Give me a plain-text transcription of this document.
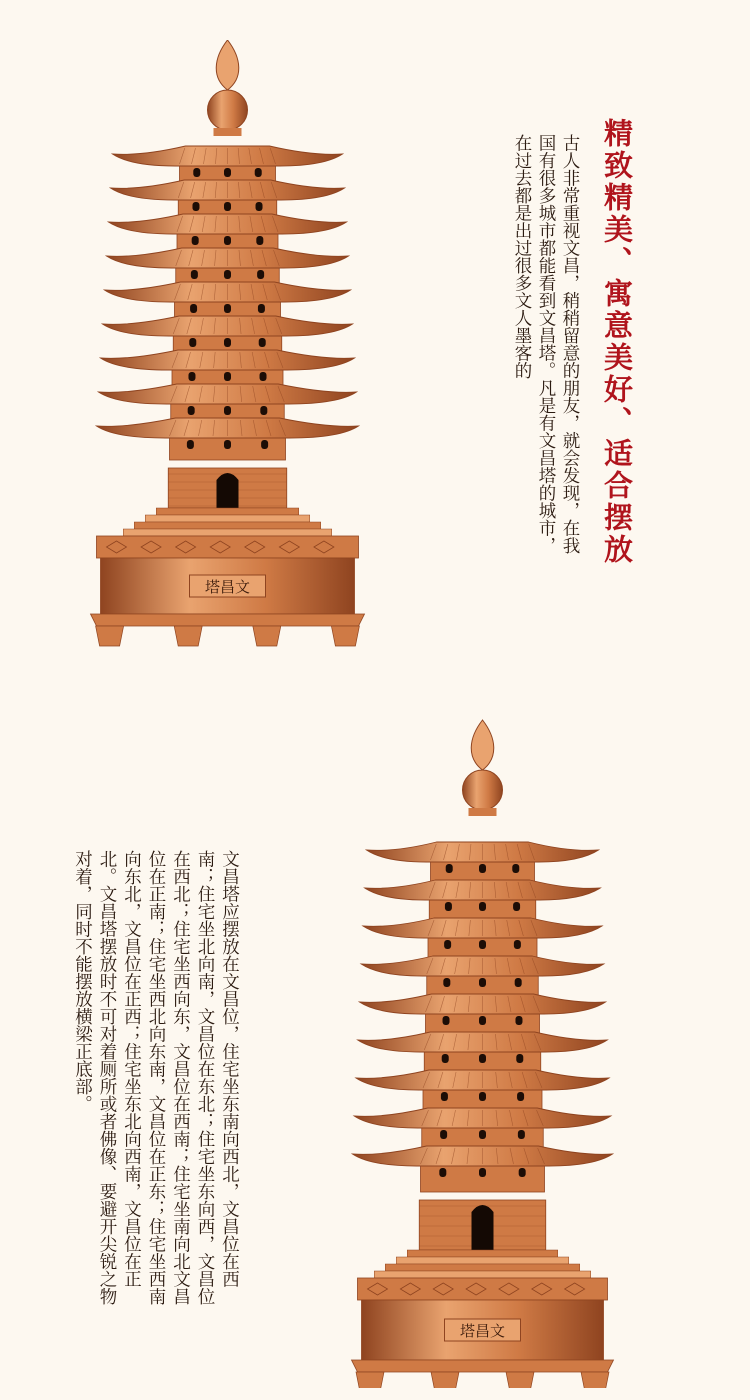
塔昌文
精致精美、寓意美好、适合摆放
古人非常重视文昌，稍稍留意的朋友，就会发现，在我国有很多城市都能看到文昌塔。凡是有文昌塔的城市，在过去都是出过很多文人墨客的
塔昌文
文昌塔应摆放在文昌位，住宅坐东南向西北，文昌位在西南；住宅坐北向南，文昌位在东北；住宅坐东向西，文昌位在西北；住宅坐西向东，文昌位在西南；住宅坐南向北文昌位在正南；住宅坐西北向东南，文昌位在正东；住宅坐西南向东北，文昌位在正西；住宅坐东北向西南，文昌位在正北。文昌塔摆放时不可对着厕所或者佛像、要避开尖锐之物对着，同时不能摆放横梁正底部。
